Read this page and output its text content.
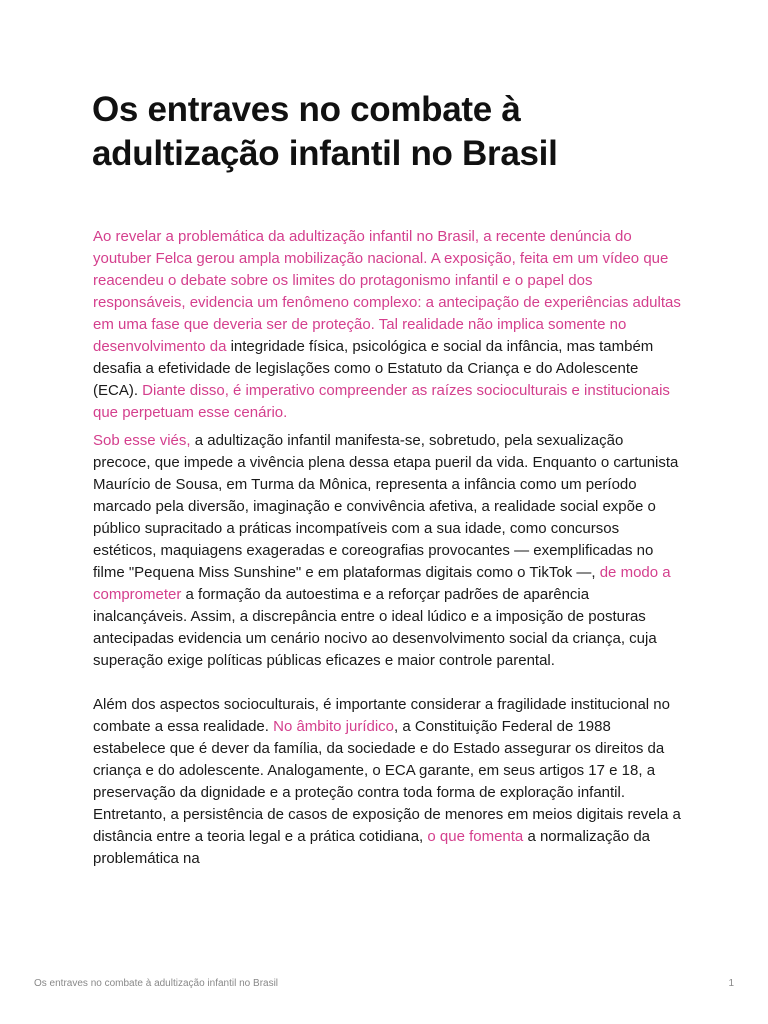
Os entraves no combate à adultização infantil no Brasil

Ao revelar a problemática da adultização infantil no Brasil, a recente denúncia do youtuber Felca gerou ampla mobilização nacional. A exposição, feita em um vídeo que reacendeu o debate sobre os limites do protagonismo infantil e o papel dos responsáveis, evidencia um fenômeno complexo: a antecipação de experiências adultas em uma fase que deveria ser de proteção. Tal realidade não implica somente no desenvolvimento da integridade física, psicológica e social da infância, mas também desafia a efetividade de legislações como o Estatuto da Criança e do Adolescente (ECA). Diante disso, é imperativo compreender as raízes socioculturais e institucionais que perpetuam esse cenário.

Sob esse viés, a adultização infantil manifesta-se, sobretudo, pela sexualização precoce, que impede a vivência plena dessa etapa pueril da vida. Enquanto o cartunista Maurício de Sousa, em Turma da Mônica, representa a infância como um período marcado pela diversão, imaginação e convivência afetiva, a realidade social expõe o público supracitado a práticas incompatíveis com a sua idade, como concursos estéticos, maquiagens exageradas e coreografias provocantes — exemplificadas no filme "Pequena Miss Sunshine" e em plataformas digitais como o TikTok —, de modo a comprometer a formação da autoestima e a reforçar padrões de aparência inalcançáveis. Assim, a discrepância entre o ideal lúdico e a imposição de posturas antecipadas evidencia um cenário nocivo ao desenvolvimento social da criança, cuja superação exige políticas públicas eficazes e maior controle parental.

Além dos aspectos socioculturais, é importante considerar a fragilidade institucional no combate a essa realidade. No âmbito jurídico, a Constituição Federal de 1988 estabelece que é dever da família, da sociedade e do Estado assegurar os direitos da criança e do adolescente. Analogamente, o ECA garante, em seus artigos 17 e 18, a preservação da dignidade e a proteção contra toda forma de exploração infantil. Entretanto, a persistência de casos de exposição de menores em meios digitais revela a distância entre a teoria legal e a prática cotidiana, o que fomenta a normalização da problemática na

Os entraves no combate à adultização infantil no Brasil	1
